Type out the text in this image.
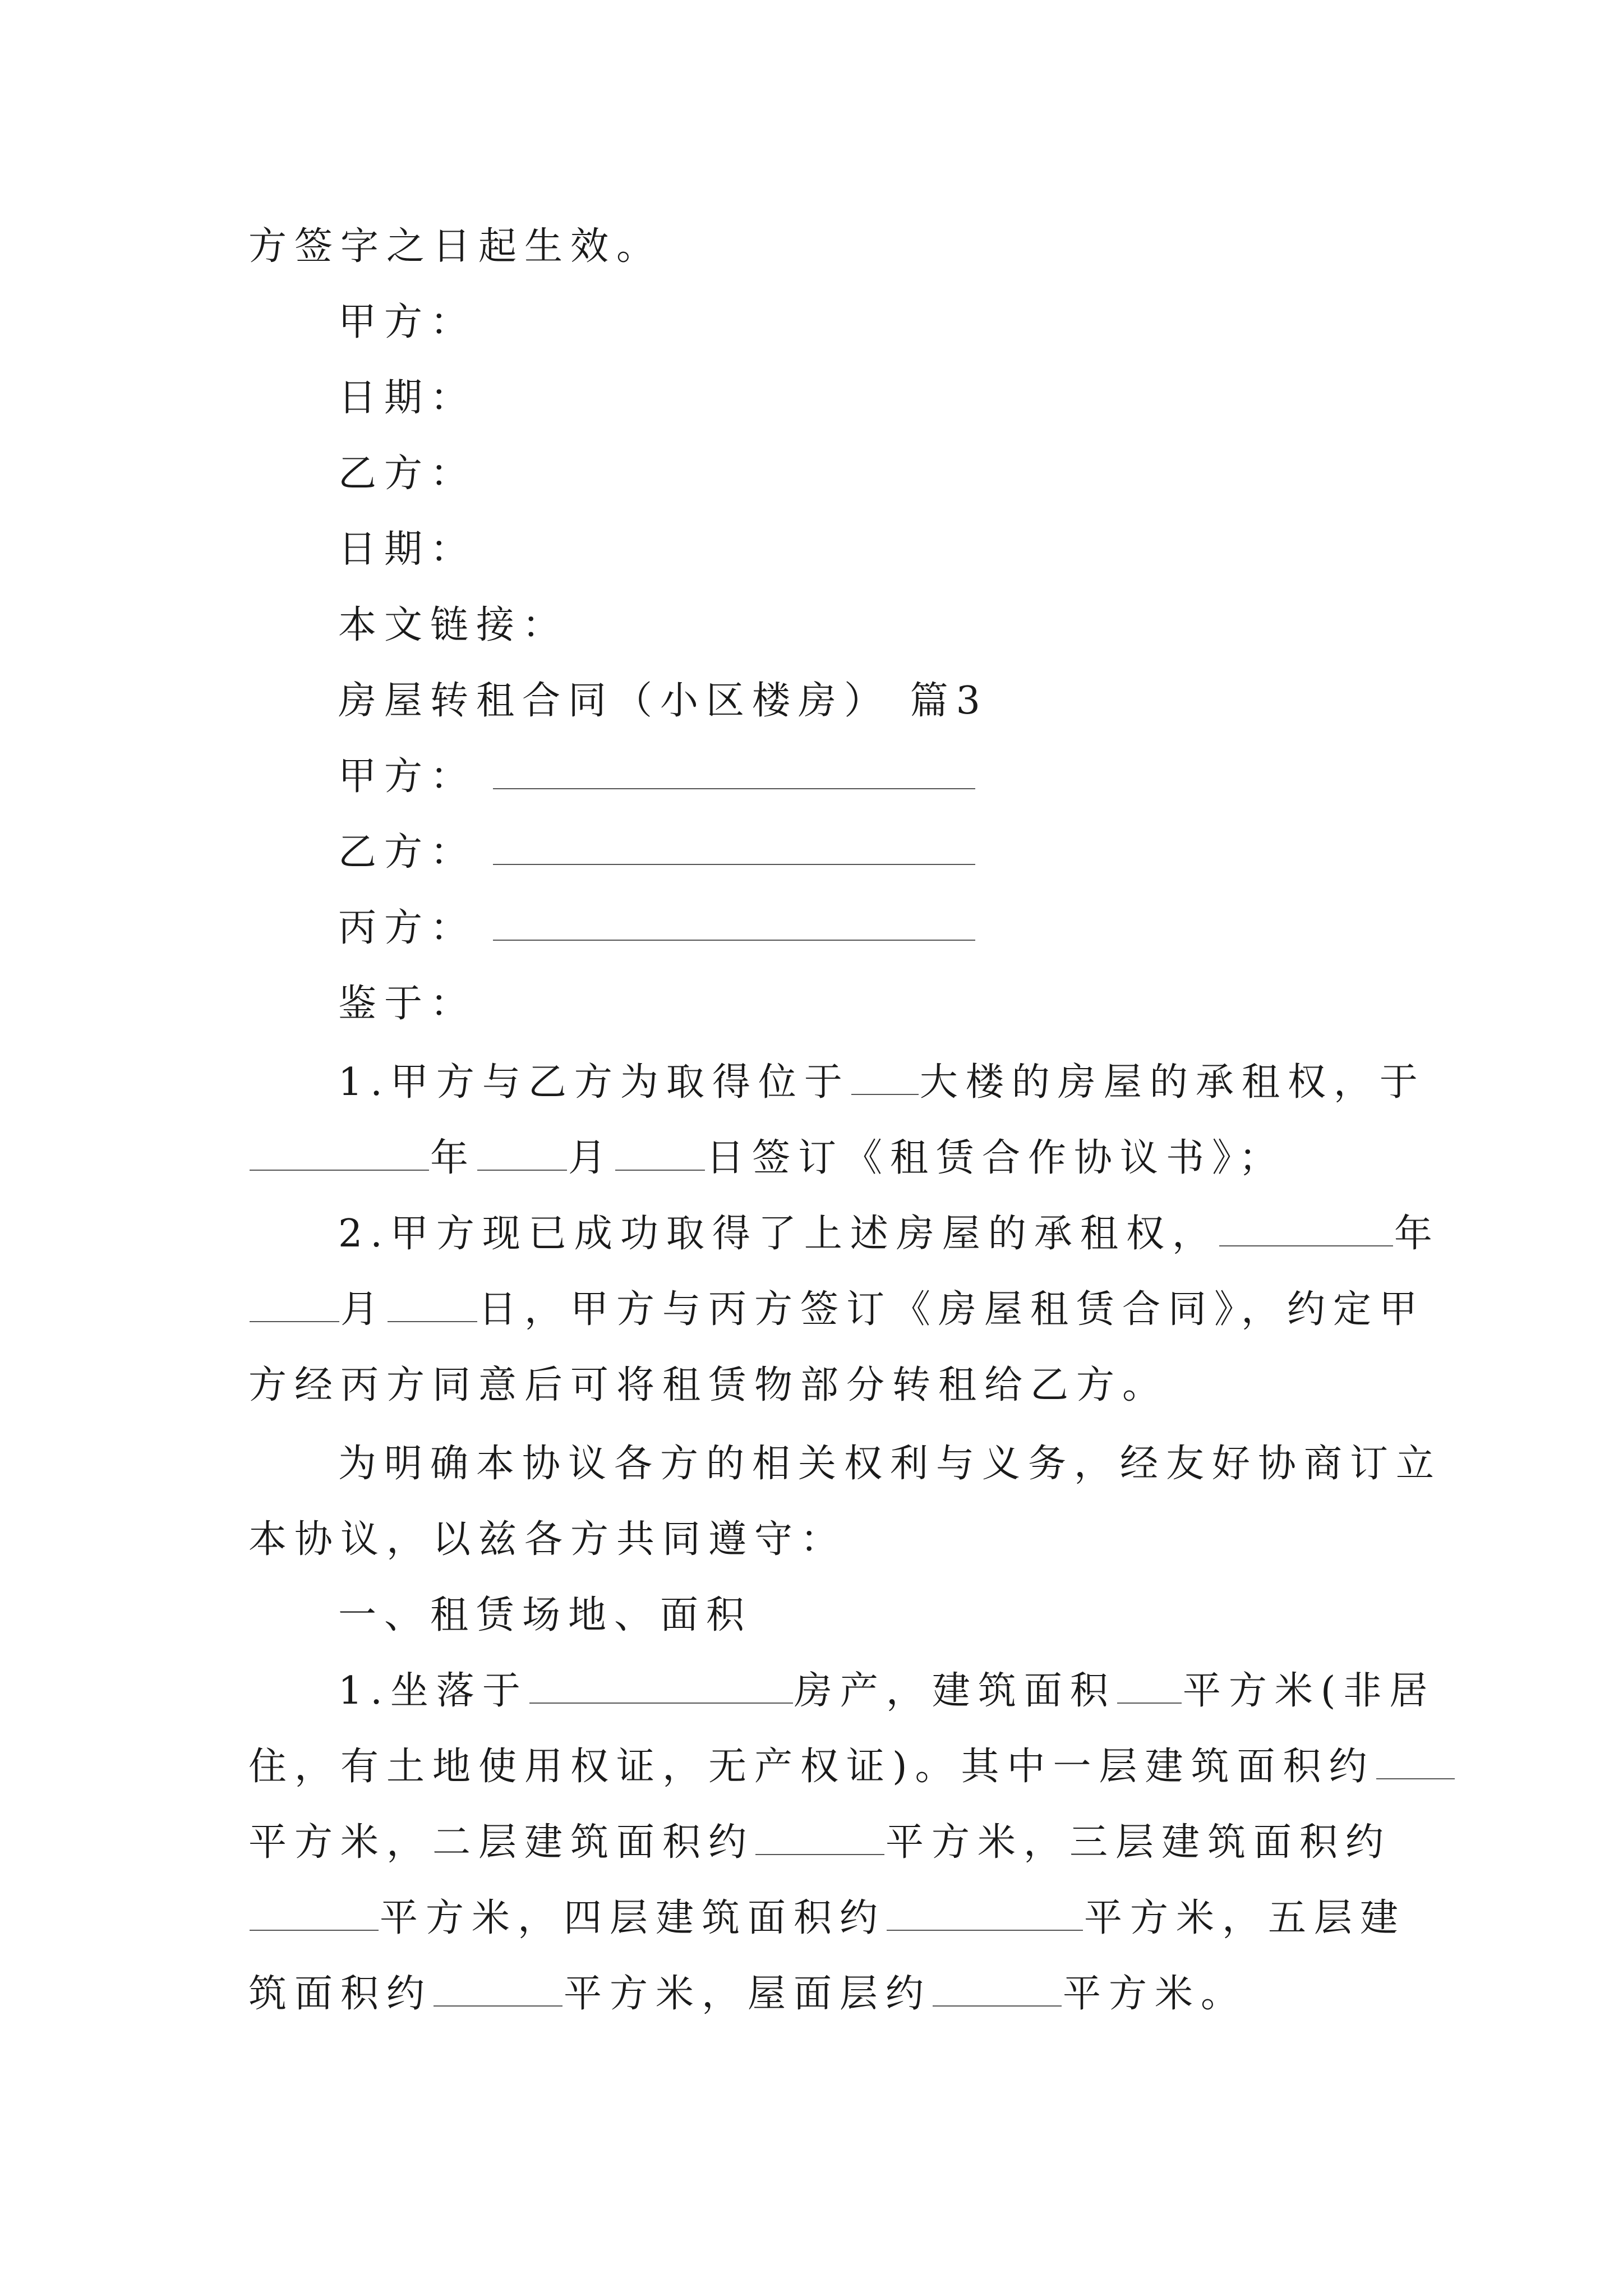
方签字之日起生效。
甲方：
日期：
乙方：
日期：
本文链接：
房屋转租合同（小区楼房） 篇3
甲方：
乙方：
丙方：
鉴于：
1.甲方与乙方为取得位于 大楼的房屋的承租权，于
年 月 日签订《租赁合作协议书》；
2.甲方现已成功取得了上述房屋的承租权，	年
月 日，甲方与丙方签订《房屋租赁合同》，约定甲
方经丙方同意后可将租赁物部分转租给乙方。
为明确本协议各方的相关权利与义务，经友好协商订立
本协议，以兹各方共同遵守：
一、租赁场地、面积
1.坐落于	房产，建筑面积 平方米(非居
住，有土地使用权证，无产权证)。其中一层建筑面积约
平方米，二层建筑面积约	平方米，三层建筑面积约
平方米，四层建筑面积约	平方米，五层建
筑面积约	平方米，屋面层约	平方米。
